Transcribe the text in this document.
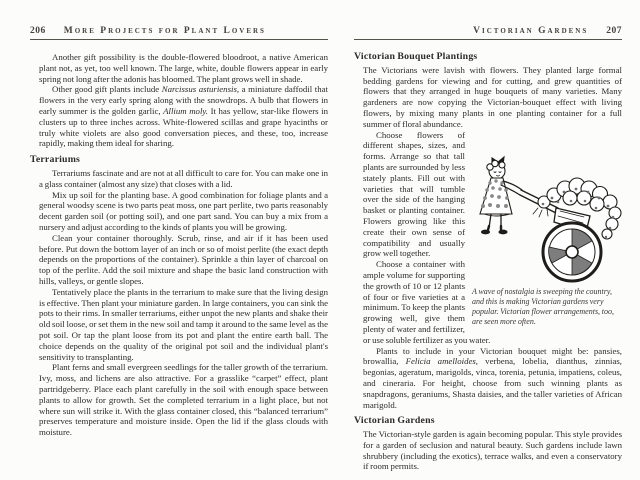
206 More Projects for Plant Lovers

Another gift possibility is the double-flowered bloodroot, a native American plant not, as yet, too well known. The large, white, double flowers appear in early spring not long after the adonis has bloomed. The plant grows well in shade.

Other good gift plants include Narcissus asturiensis, a miniature daffodil that flowers in the very early spring along with the snowdrops. A bulb that flowers in early summer is the golden garlic, Allium moly. It has yellow, star-like flowers in clusters up to three inches across. White-flowered scillas and grape hyacinths or truly white violets are also good conversation pieces, and these, too, increase rapidly, making them ideal for sharing.

Terrariums

Terrariums fascinate and are not at all difficult to care for. You can make one in a glass container (almost any size) that closes with a lid.

Mix up soil for the planting base. A good combination for foliage plants and a general woodsy scene is two parts peat moss, one part perlite, two parts reasonably decent garden soil (or potting soil), and one part sand. You can buy a mix from a nursery and adjust according to the kinds of plants you will be growing.

Clean your container thoroughly. Scrub, rinse, and air if it has been used before. Put down the bottom layer of an inch or so of moist perlite (the exact depth depends on the proportions of the container). Sprinkle a thin layer of charcoal on top of the perlite. Add the soil mixture and shape the basic land construction with hills, valleys, or gentle slopes.

Tentatively place the plants in the terrarium to make sure that the living design is effective. Then plant your miniature garden. In large containers, you can sink the pots to their rims. In smaller terrariums, either unpot the new plants and shake their old soil loose, or set them in the new soil and tamp it around to the same level as the pot soil. Or tap the plant loose from its pot and plant the entire earth ball. The choice depends on the quality of the original pot soil and the individual plant's sensitivity to transplanting.

Plant ferns and small evergreen seedlings for the taller growth of the terrarium. Ivy, moss, and lichens are also attractive. For a grasslike “carpet” effect, plant partridgeberry. Place each plant carefully in the soil with enough space between plants to allow for growth. Set the completed terrarium in a light place, but not where sun will strike it. With the glass container closed, this “balanced terrarium” preserves temperature and moisture inside. Open the lid if the glass clouds with moisture.

Victorian Gardens 207
Victorian Bouquet Plantings

The Victorians were lavish with flowers. They planted large formal bedding gardens for viewing and for cutting, and grew quantities of flowers that they arranged in huge bouquets of many varieties. Many gardeners are now copying the Victorian-bouquet effect with living flowers, by mixing many plants in one planting container for a full summer of floral abundance.

A wave of nostalgia is sweeping the country, and this is making Victorian gardens very popular. Victorian flower arrangements, too, are seen more often.

Choose flowers of different shapes, sizes, and forms. Arrange so that tall plants are surrounded by less stately plants. Fill out with varieties that will tumble over the side of the hanging basket or planting container. Flowers growing like this create their own sense of compatibility and usually grow well together.

Choose a container with ample volume for supporting the growth of 10 or 12 plants of four or five varieties at a minimum. To keep the plants growing well, give them plenty of water and fertilizer, or use soluble fertilizer as you water.

Plants to include in your Victorian bouquet might be: pansies, browallia, Felicia amelloides, verbena, lobelia, dianthus, zinnias, begonias, ageratum, marigolds, vinca, torenia, petunia, impatiens, coleus, and cineraria. For height, choose from such winning plants as snapdragons, geraniums, Shasta daisies, and the taller varieties of African marigold.

Victorian Gardens

The Victorian-style garden is again becoming popular. This style provides for a garden of seclusion and natural beauty. Such gardens include lawn shrubbery (including the exotics), terrace walks, and even a conservatory if room permits.
